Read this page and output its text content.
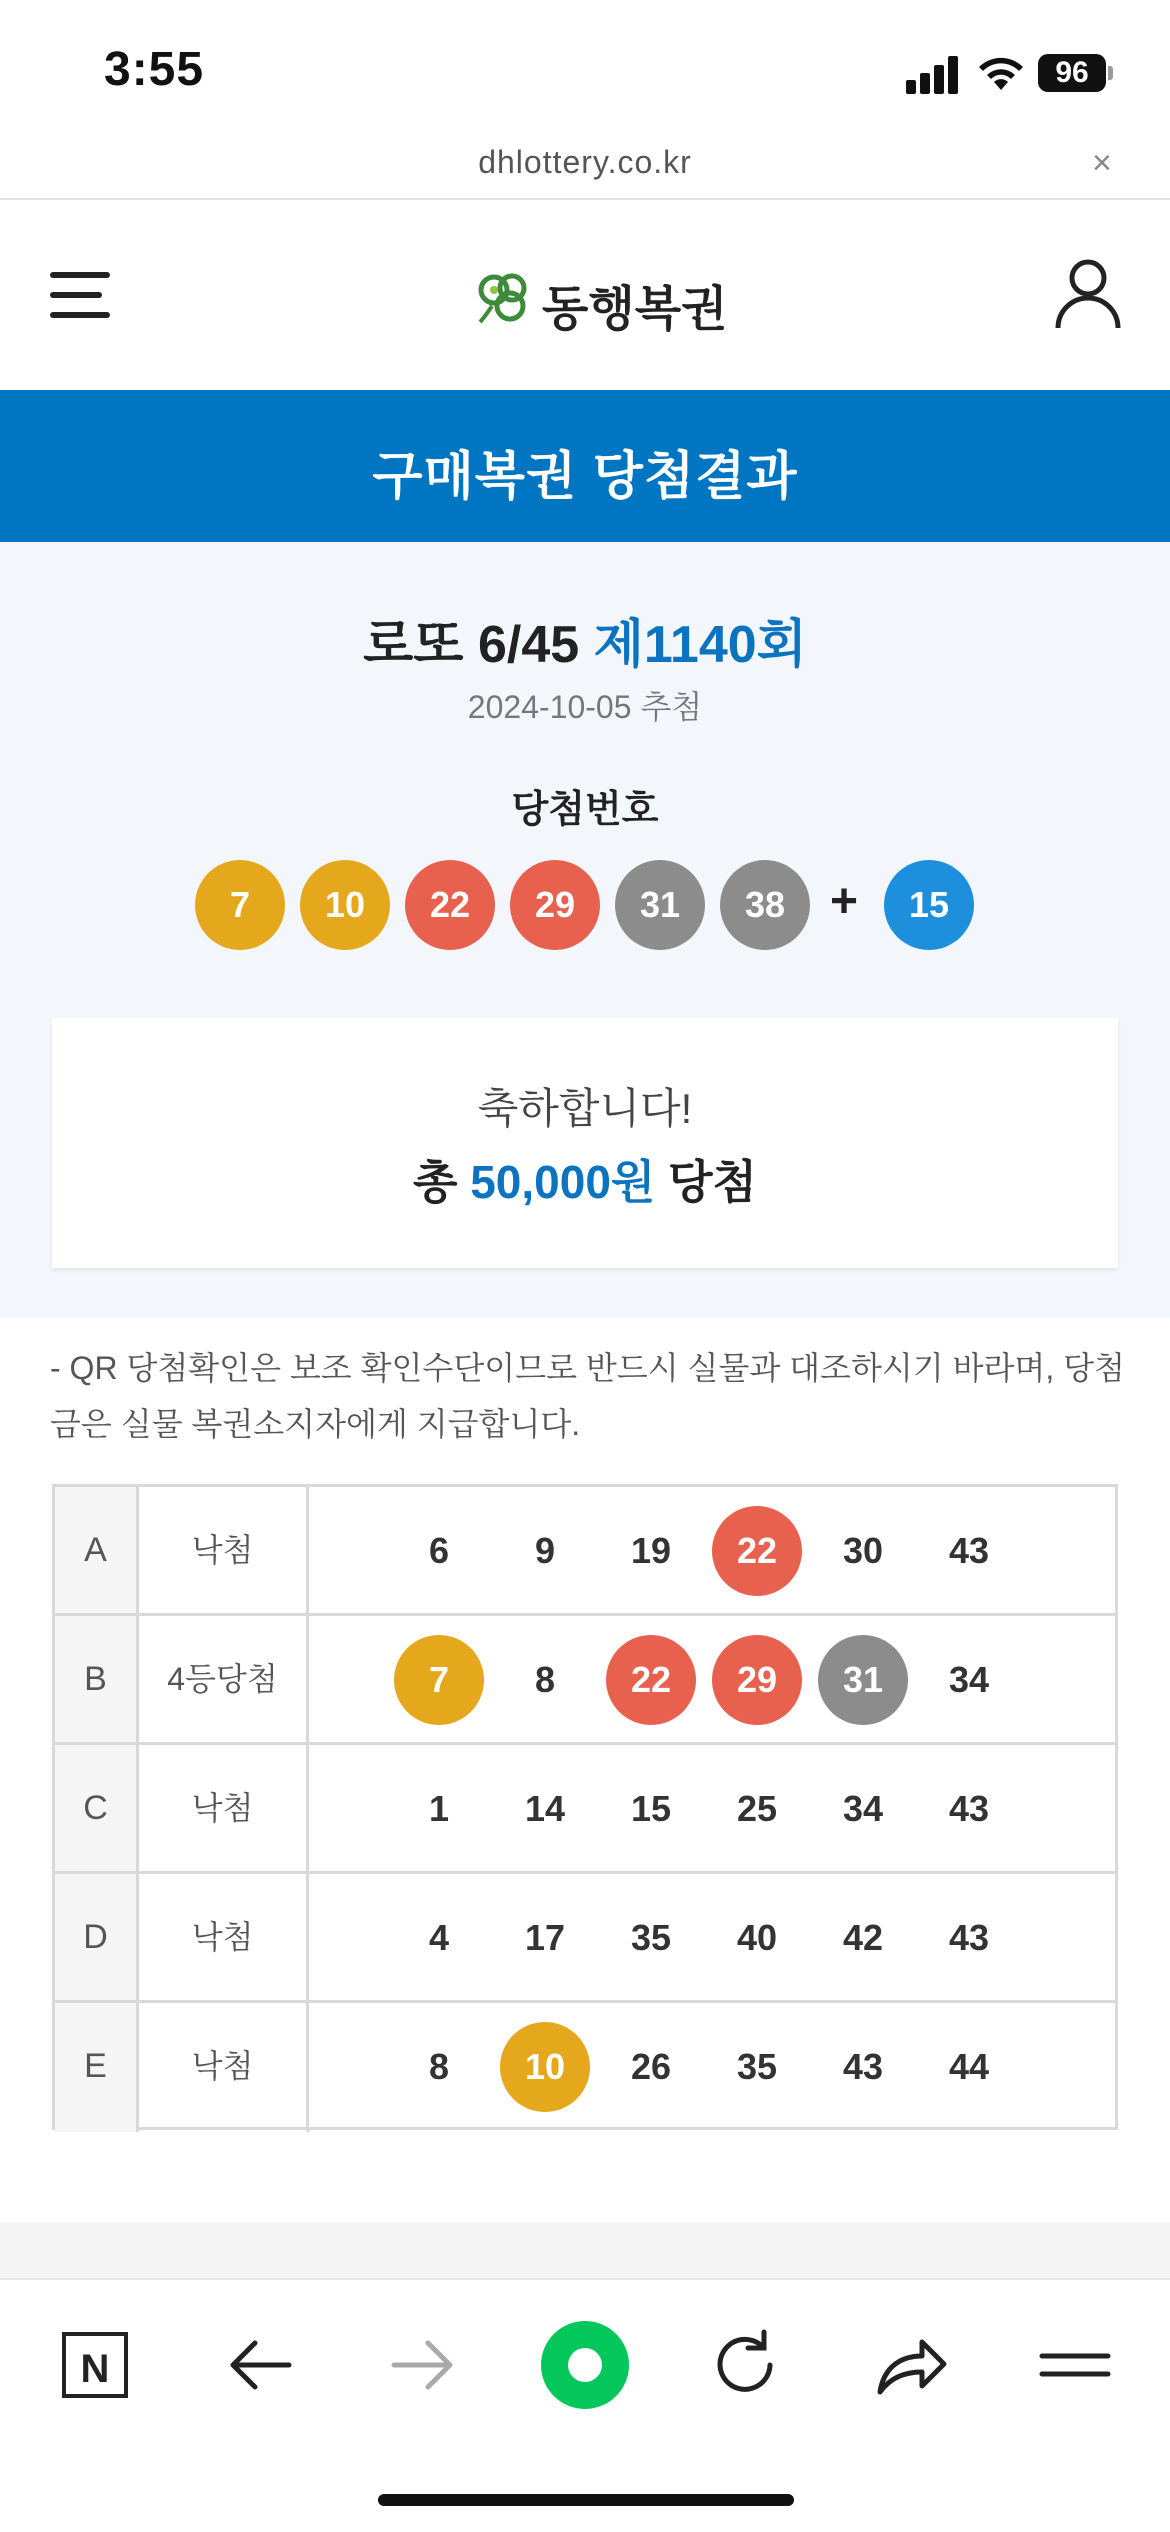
3:55	96
dhlottery.co.kr	×
동행복권
구매복권 당첨결과
로또 6/45 제1140회
2024-10-05 추첨
당첨번호
7	10	22	29	31	38 +	15
축하합니다!
총 50,000원 당첨
- QR 당첨확인은 보조 확인수단이므로 반드시 실물과 대조하시기 바라며, 당첨금은 실물 복권소지자에게 지급합니다.
A	낙첨	6	9	19	22	30	43
B	4등당첨	7	8	22	29	31	34
C	낙첨	1	14	15	25	34	43
D	낙첨	4	17	35	40	42	43
E	낙첨	8	10	26	35	43	44
N
